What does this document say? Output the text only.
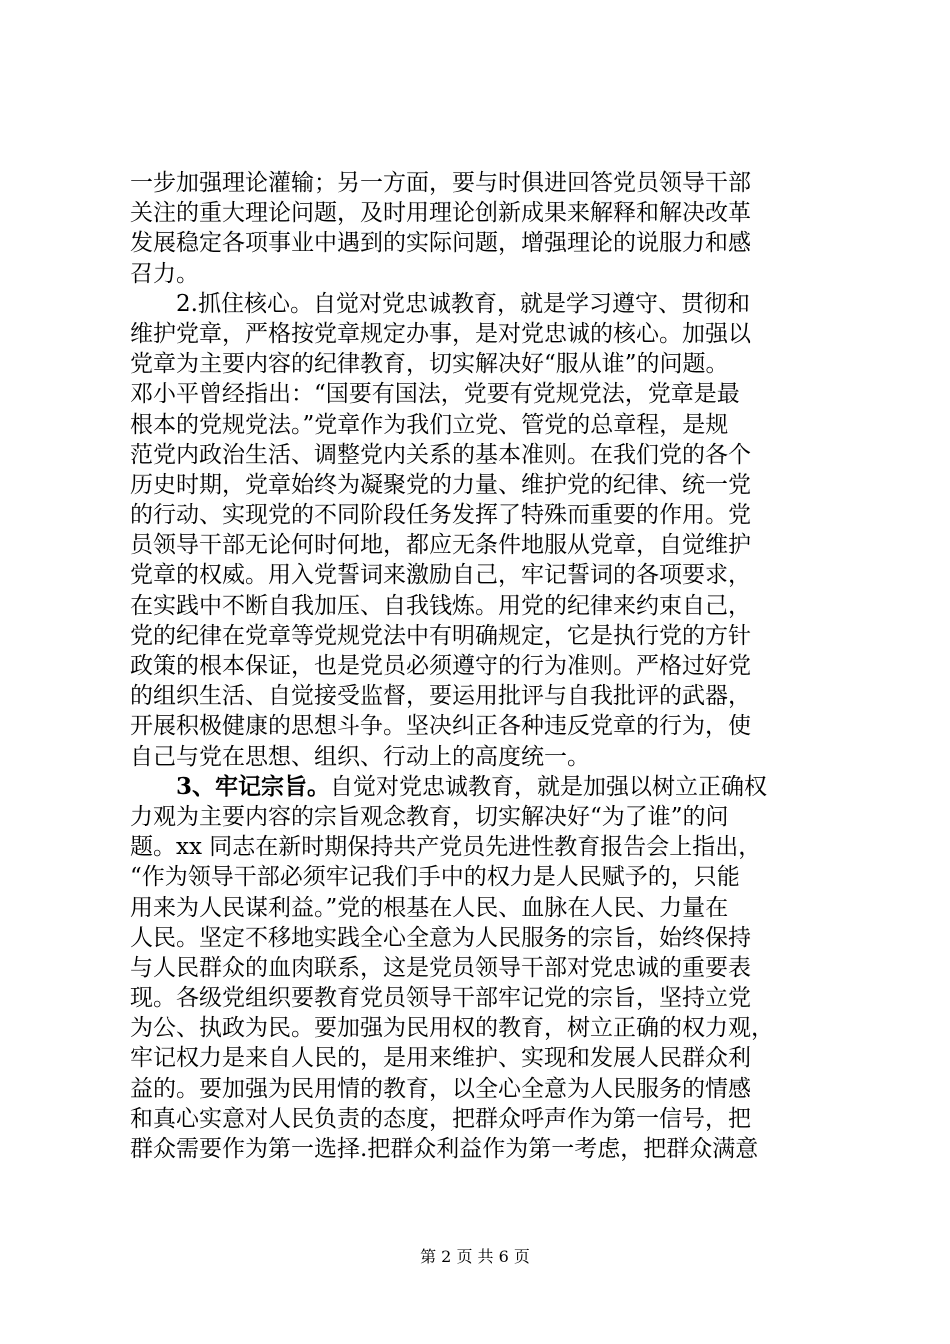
一步加强理论灌输；另一方面，要与时俱进回答党员领导干部
关注的重大理论问题，及时用理论创新成果来解释和解决改革
发展稳定各项事业中遇到的实际问题，增强理论的说服力和感
召力。
2.抓住核心。自觉对党忠诚教育，就是学习遵守、贯彻和
维护党章，严格按党章规定办事，是对党忠诚的核心。加强以
党章为主要内容的纪律教育，切实解决好“服从谁”的问题。
邓小平曾经指出：“国要有国法，党要有党规党法，党章是最
根本的党规党法。”党章作为我们立党、管党的总章程，是规
范党内政治生活、调整党内关系的基本准则。在我们党的各个
历史时期，党章始终为凝聚党的力量、维护党的纪律、统一党
的行动、实现党的不同阶段任务发挥了特殊而重要的作用。党
员领导干部无论何时何地，都应无条件地服从党章，自觉维护
党章的权威。用入党誓词来激励自己，牢记誓词的各项要求，
在实践中不断自我加压、自我钱炼。用党的纪律来约束自己，
党的纪律在党章等党规党法中有明确规定，它是执行党的方针
政策的根本保证，也是党员必须遵守的行为准则。严格过好党
的组织生活、自觉接受监督，要运用批评与自我批评的武器，
开展积极健康的思想斗争。坚决纠正各种违反党章的行为，使
自己与党在思想、组织、行动上的高度统一。
3、牢记宗旨。自觉对党忠诚教育，就是加强以树立正确权
力观为主要内容的宗旨观念教育，切实解决好“为了谁”的问
题。xx 同志在新时期保持共产党员先进性教育报告会上指出，
“作为领导干部必须牢记我们手中的权力是人民赋予的，只能
用来为人民谋利益。”党的根基在人民、血脉在人民、力量在
人民。坚定不移地实践全心全意为人民服务的宗旨，始终保持
与人民群众的血肉联系，这是党员领导干部对党忠诚的重要表
现。各级党组织要教育党员领导干部牢记党的宗旨，坚持立党
为公、执政为民。要加强为民用权的教育，树立正确的权力观，
牢记权力是来自人民的，是用来维护、实现和发展人民群众利
益的。要加强为民用情的教育，以全心全意为人民服务的情感
和真心实意对人民负责的态度，把群众呼声作为第一信号，把
群众需要作为第一选择.把群众利益作为第一考虑，把群众满意
第 2 页 共 6 页
